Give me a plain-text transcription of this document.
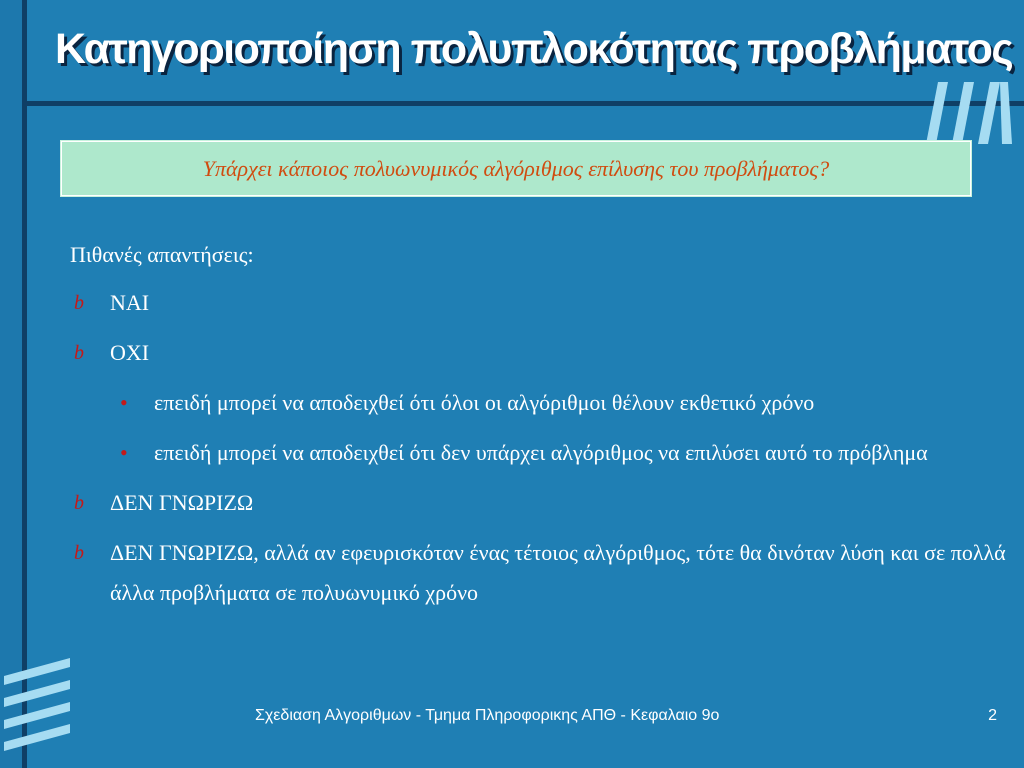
Κατηγοριοποίηση πολυπλοκότητας προβλήματος
Υπάρχει κάποιος πολυωνυμικός αλγόριθμος επίλυσης του προβλήματος?

Πιθανές απαντήσεις:

b	ΝΑΙ
b	ΟΧΙ
•	επειδή μπορεί να αποδειχθεί ότι όλοι οι αλγόριθμοι θέλουν εκθετικό χρόνο
•	επειδή μπορεί να αποδειχθεί ότι δεν υπάρχει αλγόριθμος να επιλύσει αυτό το πρόβλημα
b	ΔΕΝ ΓΝΩΡΙΖΩ
b	ΔΕΝ ΓΝΩΡΙΖΩ, αλλά αν εφευρισκόταν ένας τέτοιος αλγόριθμος, τότε θα δινόταν λύση και σε πολλά άλλα προβλήματα σε πολυωνυμικό χρόνο
Σχεδιαση Αλγοριθμων - Τμημα Πληροφορικης ΑΠΘ - Κεφαλαιο 9ο	2
